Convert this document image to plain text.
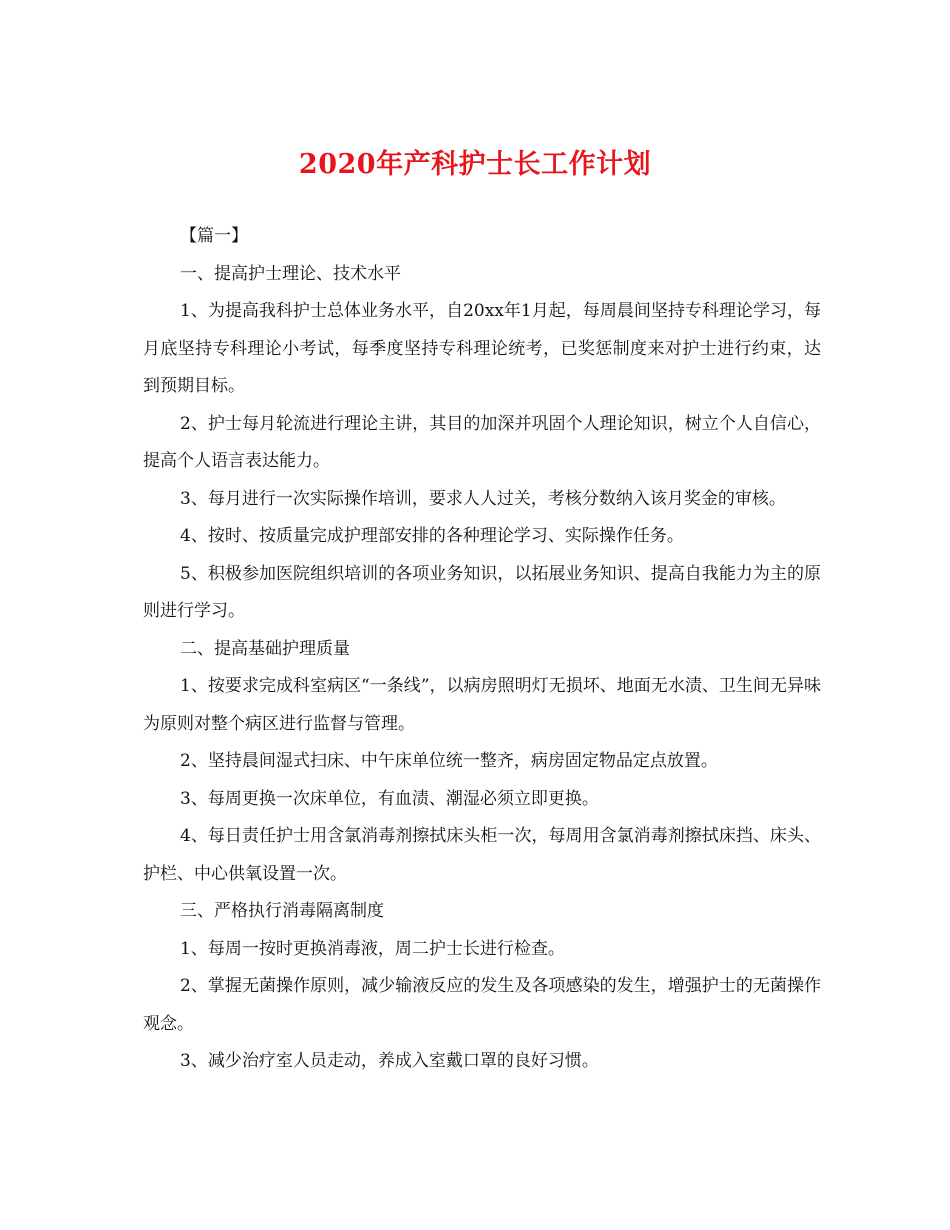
2020年产科护士长工作计划

【篇一】

一、提高护士理论、技术水平

1、为提高我科护士总体业务水平，自20xx年1月起，每周晨间坚持专科理论学习，每月底坚持专科理论小考试，每季度坚持专科理论统考，已奖惩制度来对护士进行约束，达到预期目标。

2、护士每月轮流进行理论主讲，其目的加深并巩固个人理论知识，树立个人自信心，提高个人语言表达能力。

3、每月进行一次实际操作培训，要求人人过关，考核分数纳入该月奖金的审核。

4、按时、按质量完成护理部安排的各种理论学习、实际操作任务。

5、积极参加医院组织培训的各项业务知识，以拓展业务知识、提高自我能力为主的原则进行学习。

二、提高基础护理质量

1、按要求完成科室病区“一条线”，以病房照明灯无损坏、地面无水渍、卫生间无异味为原则对整个病区进行监督与管理。

2、坚持晨间湿式扫床、中午床单位统一整齐，病房固定物品定点放置。

3、每周更换一次床单位，有血渍、潮湿必须立即更换。

4、每日责任护士用含氯消毒剂擦拭床头柜一次，每周用含氯消毒剂擦拭床挡、床头、护栏、中心供氧设置一次。

三、严格执行消毒隔离制度

1、每周一按时更换消毒液，周二护士长进行检查。

2、掌握无菌操作原则，减少输液反应的发生及各项感染的发生，增强护士的无菌操作观念。

3、减少治疗室人员走动，养成入室戴口罩的良好习惯。
